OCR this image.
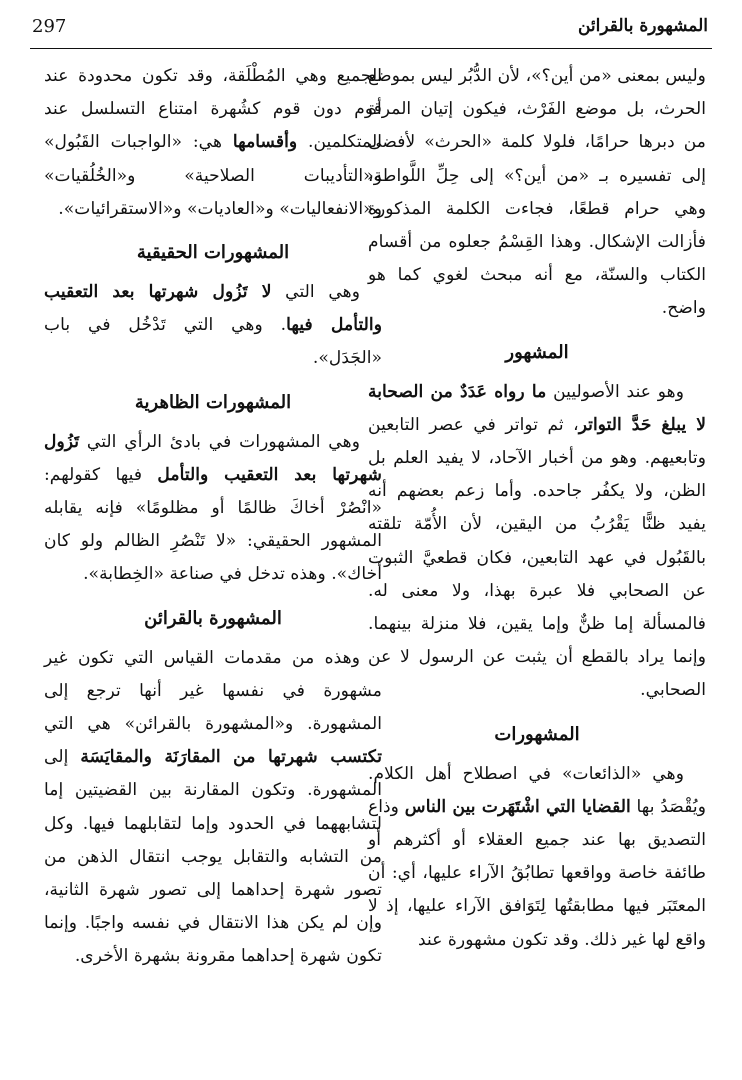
المشهورة بالقرائن
297

وليس بمعنى «من أين؟»، لأن الدُّبُر ليس بموضع الحرث، بل موضع الفَرْث، فيكون إتيان المرأة من دبرها حرامًا، فلولا كلمة «الحرث» لأفضى إلى تفسيره بـ «من أين؟» إلى حِلِّ اللَّواطة، وهي حرام قطعًا، فجاءت الكلمة المذكورة فأزالت الإشكال. وهذا القِسْمُ جعلوه من أقسام الكتاب والسنّة، مع أنه مبحث لغوي كما هو واضح.

المشهور

وهو عند الأصوليين ما رواه عَدَدٌ من الصحابة لا يبلغ حَدَّ التواتر، ثم تواتر في عصر التابعين وتابعيهم. وهو من أخبار الآحاد، لا يفيد العلم بل الظن، ولا يكفُر جاحده. وأما زعم بعضهم أنه يفيد ظنًّا يَقْرُبُ من اليقين، لأن الأُمّة تلقته بالقَبُول في عهد التابعين، فكان قطعيَّ الثبوت عن الصحابي فلا عبرة بهذا، ولا معنى له. فالمسألة إما ظنٌّ وإما يقين، فلا منزلة بينهما. وإنما يراد بالقطع أن يثبت عن الرسول لا عن الصحابي.

المشهورات

وهي «الذائعات» في اصطلاح أهل الكلام. ويُقْصَدُ بها القضايا التي اشْتَهَرت بين الناس وذاع التصديق بها عند جميع العقلاء أو أكثرهم أو طائفة خاصة وواقعها تطابُقُ الآراء عليها، أي: أن المعتَبَر فيها مطابقتُها لِتَوَافق الآراء عليها، إذ لا واقع لها غير ذلك. وقد تكون مشهورة عند

الجميع وهي المُطْلَقة، وقد تكون محدودة عند قوم دون قوم كشُهرة امتناع التسلسل عند المتكلمين. وأقسامها هي: «الواجبات القَبُول» و«التأديبات الصلاحية» و«الخُلُقيات» و«الانفعاليات» و«العاديات» و«الاستقرائيات».

المشهورات الحقيقية

وهي التي لا تَزُول شهرتها بعد التعقيب والتأمل فيها. وهي التي تَدْخُل في باب «الجَدَل».

المشهورات الظاهرية

وهي المشهورات في بادئ الرأي التي تَزُول شهرتها بعد التعقيب والتأمل فيها كقولهم: «انْصُرْ أخاكَ ظالمًا أو مظلومًا» فإنه يقابله المشهور الحقيقي: «لا تَنْصُرِ الظالم ولو كان أخاك». وهذه تدخل في صناعة «الخِطابة».

المشهورة بالقرائن

وهذه من مقدمات القياس التي تكون غير مشهورة في نفسها غير أنها ترجع إلى المشهورة. و«المشهورة بالقرائن» هي التي تكتسب شهرتها من المقارَنَة والمقايَسَة إلى المشهورة. وتكون المقارنة بين القضيتين إما لتشابههما في الحدود وإما لتقابلهما فيها. وكل من التشابه والتقابل يوجب انتقال الذهن من تصور شهرة إحداهما إلى تصور شهرة الثانية، وإن لم يكن هذا الانتقال في نفسه واجبًا. وإنما تكون شهرة إحداهما مقرونة بشهرة الأخرى.
